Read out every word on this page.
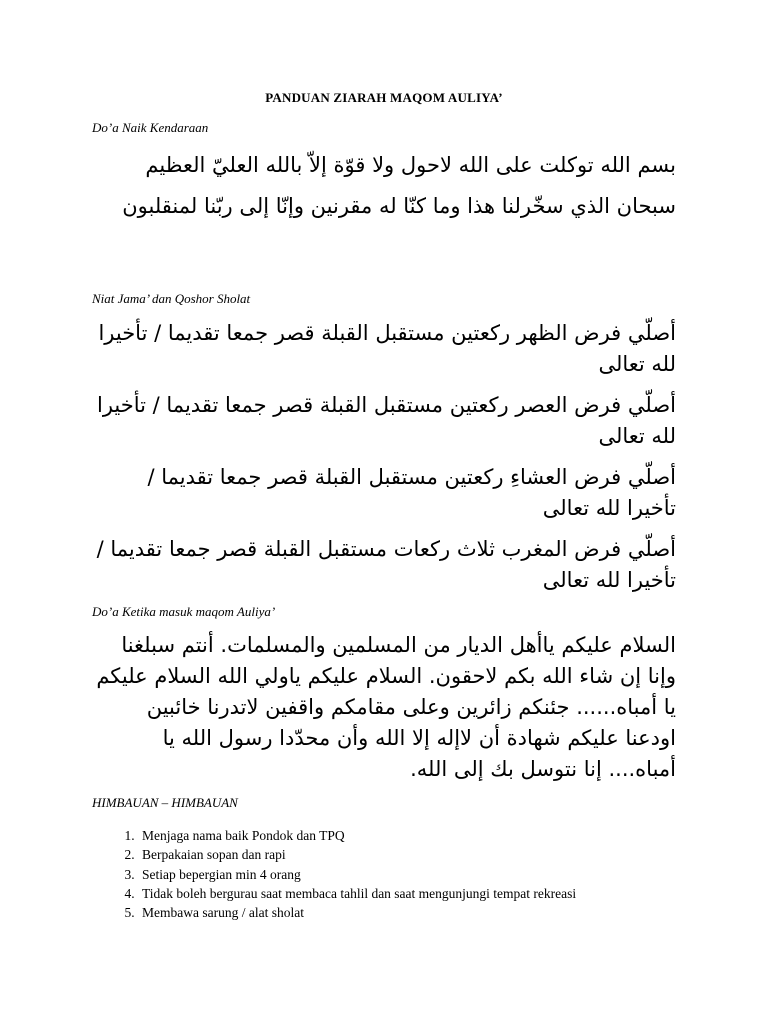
PANDUAN ZIARAH MAQOM AULIYA’
Do’a Naik Kendaraan

بسم الله توكلت على الله لاحول ولا قوّة إلاّ بالله العليّ العظيم

سبحان الذي سخّرلنا هذا وما كنّا له مقرنين وإنّا إلى ربّنا لمنقلبون

Niat Jama’ dan Qoshor Sholat

أصلّي فرض الظهر ركعتين مستقبل القبلة قصر جمعا تقديما / تأخيرا لله تعالى

أصلّي فرض العصر ركعتين مستقبل القبلة قصر جمعا تقديما / تأخيرا لله تعالى

أصلّي فرض العشاءِ ركعتين مستقبل القبلة قصر جمعا تقديما / تأخيرا لله تعالى

أصلّي فرض المغرب ثلاث ركعات مستقبل القبلة قصر جمعا تقديما / تأخيرا لله تعالى

Do’a Ketika masuk maqom Auliya’

السلام عليكم ياأهل الديار من المسلمين والمسلمات. أنتم سبلغنا وإنا إن شاء الله بكم لاحقون. السلام عليكم ياولي الله السلام عليكم يا أمباه...... جئنكم زائرين وعلى مقامكم واقفين لاتدرنا خائبين اودعنا عليكم شهادة أن لاإله إلا الله وأن محدّدا رسول الله يا أمباه.... إنا نتوسل بك إلى الله.

HIMBAUAN – HIMBAUAN
1. Menjaga nama baik Pondok dan TPQ
2. Berpakaian sopan dan rapi
3. Setiap bepergian min 4 orang
4. Tidak boleh bergurau saat membaca tahlil dan saat mengunjungi tempat rekreasi
5. Membawa sarung / alat sholat
